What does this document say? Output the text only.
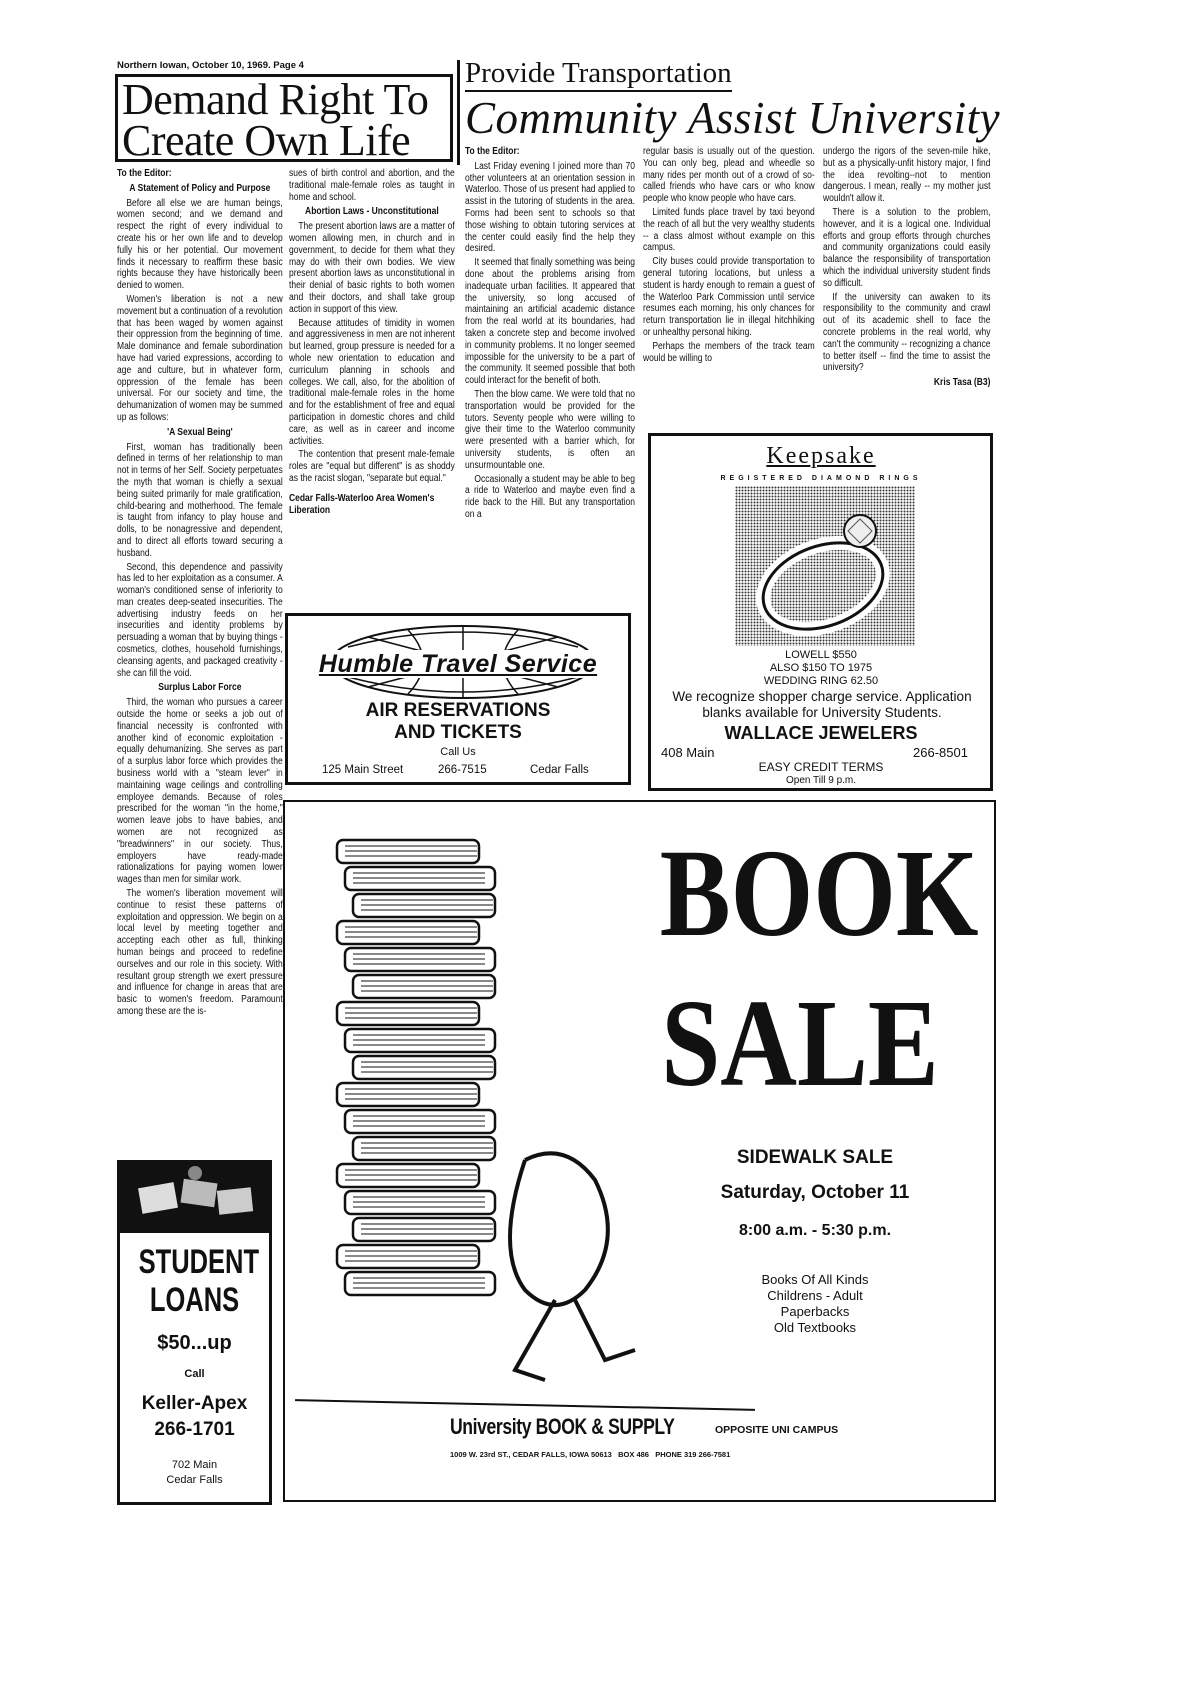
Northern Iowan, October 10, 1969. Page 4
Demand Right To
Create Own Life
To the Editor:
A Statement of Policy and Purpose

Before all else we are human beings, women second; and we demand and respect the right of every individual to create his or her own life and to develop fully his or her potential. Our movement finds it necessary to reaffirm these basic rights because they have historically been denied to women.

Women's liberation is not a new movement but a continuation of a revolution that has been waged by women against their oppression from the beginning of time. Male dominance and female subordination have had varied expressions, according to age and culture, but in whatever form, oppression of the female has been universal. For our society and time, the dehumanization of women may be summed up as follows:

'A Sexual Being'

First, woman has traditionally been defined in terms of her relationship to man not in terms of her Self. Society perpetuates the myth that woman is chiefly a sexual being suited primarily for male gratification, child-bearing and motherhood. The female is taught from infancy to play house and dolls, to be nonagressive and dependent, and to direct all efforts toward securing a husband.

Second, this dependence and passivity has led to her exploitation as a consumer. A woman's conditioned sense of inferiority to man creates deep-seated insecurities. The advertising industry feeds on her insecurities and identity problems by persuading a woman that by buying things - cosmetics, clothes, household furnishings, cleansing agents, and packaged creativity - she can fill the void.

Surplus Labor Force

Third, the woman who pursues a career outside the home or seeks a job out of financial necessity is confronted with another kind of economic exploitation - equally dehumanizing. She serves as part of a surplus labor force which provides the business world with a "steam lever" in maintaining wage ceilings and controlling employee demands. Because of roles prescribed for the woman "in the home," women leave jobs to have babies, and women are not recognized as "breadwinners" in our society. Thus, employers have ready-made rationalizations for paying women lower wages than men for similar work.

The women's liberation movement will continue to resist these patterns of exploitation and oppression. We begin on a local level by meeting together and accepting each other as full, thinking human beings and proceed to redefine ourselves and our role in this society. With resultant group strength we exert pressure and influence for change in areas that are basic to women's freedom. Paramount among these are the is-

sues of birth control and abortion, and the traditional male-female roles as taught in home and school.

Abortion Laws - Unconstitutional

The present abortion laws are a matter of women allowing men, in church and in government, to decide for them what they may do with their own bodies. We view present abortion laws as unconstitutional in their denial of basic rights to both women and their doctors, and shall take group action in support of this view.

Because attitudes of timidity in women and aggressiveness in men are not inherent but learned, group pressure is needed for a whole new orientation to education and curriculum planning in schools and colleges. We call, also, for the abolition of traditional male-female roles in the home and for the establishment of free and equal participation in domestic chores and child care, as well as in career and income activities.

The contention that present male-female roles are "equal but different" is as shoddy as the racist slogan, "separate but equal."

Cedar Falls-Waterloo Area Women's Liberation
Provide Transportation
Community Assist University
To the Editor:

Last Friday evening I joined more than 70 other volunteers at an orientation session in Waterloo. Those of us present had applied to assist in the tutoring of students in the area. Forms had been sent to schools so that those wishing to obtain tutoring services at the center could easily find the help they desired.

It seemed that finally something was being done about the problems arising from inadequate urban facilities. It appeared that the university, so long accused of maintaining an artificial academic distance from the real world at its boundaries, had taken a concrete step and become involved in community problems. It no longer seemed impossible for the university to be a part of the community. It seemed possible that both could interact for the benefit of both.

Then the blow came. We were told that no transportation would be provided for the tutors. Seventy people who were willing to give their time to the Waterloo community were presented with a barrier which, for university students, is often an unsurmountable one.

Occasionally a student may be able to beg a ride to Waterloo and maybe even find a ride back to the Hill. But any transportation on a

regular basis is usually out of the question. You can only beg, plead and wheedle so many rides per month out of a crowd of so-called friends who have cars or who know people who know people who have cars.

Limited funds place travel by taxi beyond the reach of all but the very wealthy students -- a class almost without example on this campus.

City buses could provide transportation to general tutoring locations, but unless a student is hardy enough to remain a guest of the Waterloo Park Commission until service resumes each morning, his only chances for return transportation lie in illegal hitchhiking or unhealthy personal hiking.

Perhaps the members of the track team would be willing to

undergo the rigors of the seven-mile hike, but as a physically-unfit history major, I find the idea revolting--not to mention dangerous. I mean, really -- my mother just wouldn't allow it.

There is a solution to the problem, however, and it is a logical one. Individual efforts and group efforts through churches and community organizations could easily balance the responsibility of transportation which the individual university student finds so difficult.

If the university can awaken to its responsibility to the community and crawl out of its academic shell to face the concrete problems in the real world, why can't the community -- recognizing a chance to better itself -- find the time to assist the university?

Kris Tasa (B3)
Humble Travel Service
AIR RESERVATIONS
AND TICKETS
Call Us
125 Main Street	266-7515	Cedar Falls
Keepsake
REGISTERED DIAMOND RINGS
LOWELL $550
ALSO $150 TO 1975
WEDDING RING 62.50
We recognize shopper charge service. Application blanks available for University Students.
WALLACE JEWELERS
408 Main	266-8501
EASY CREDIT TERMS
Open Till 9 p.m.
BOOK
SALE
SIDEWALK SALE
Saturday, October 11
8:00 a.m. - 5:30 p.m.
Books Of All Kinds
Childrens - Adult
Paperbacks
Old Textbooks
University BOOK & SUPPLY	OPPOSITE UNI CAMPUS
1009 W. 23rd ST., CEDAR FALLS, IOWA 50613   BOX 486   PHONE 319 266-7581
STUDENT
LOANS
$50...up
Call
Keller-Apex
266-1701
702 Main
Cedar Falls
